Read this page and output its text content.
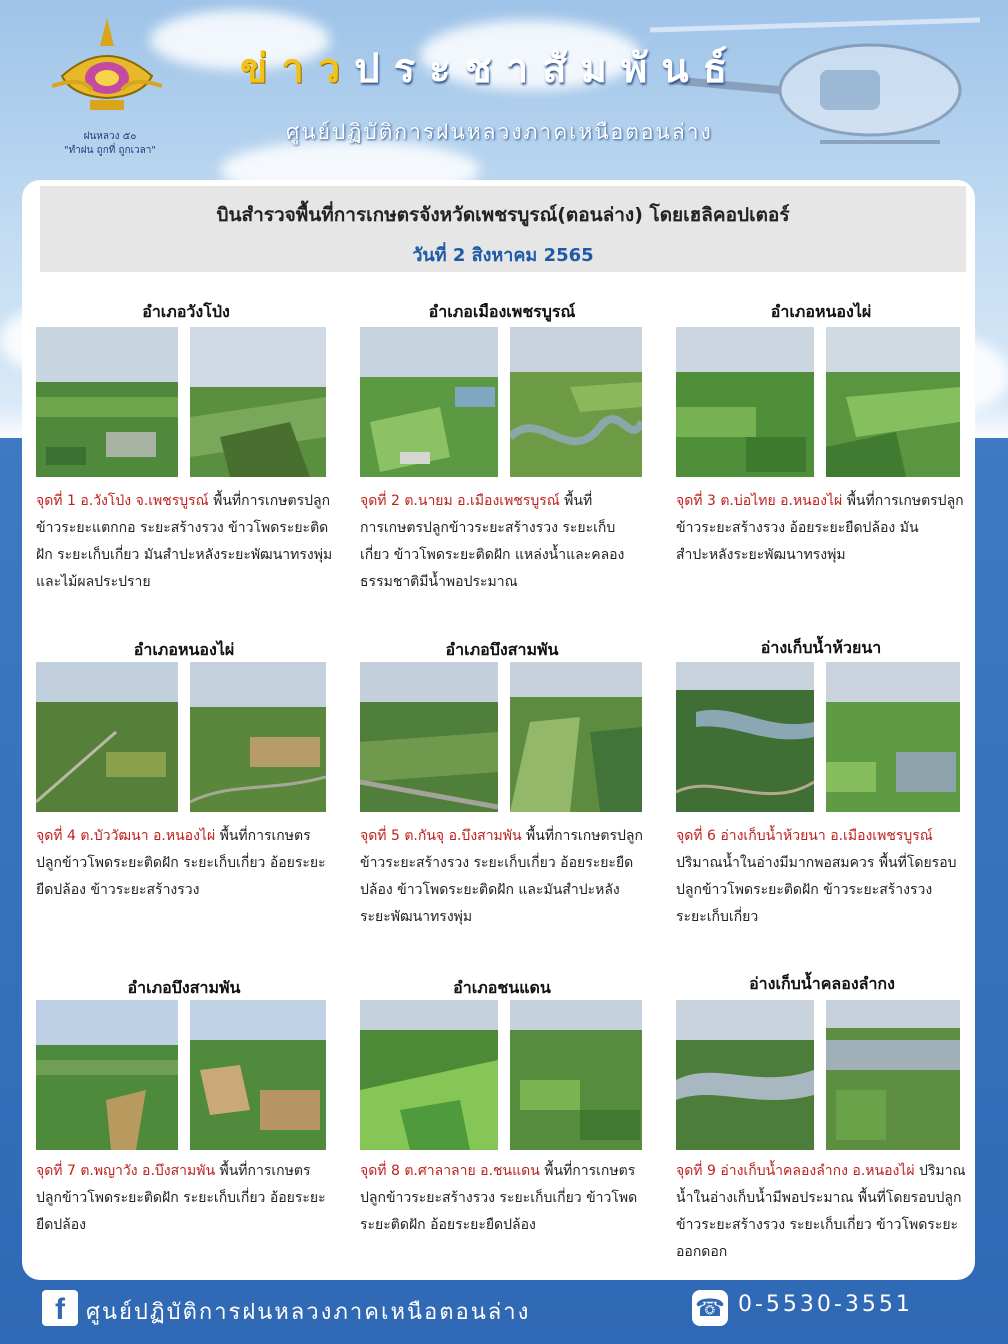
ฝนหลวง ๕๐
"ทำฝน ถูกที่ ถูกเวลา"
ข่าวประชาสัมพันธ์
ศูนย์ปฏิบัติการฝนหลวงภาคเหนือตอนล่าง
บินสำรวจพื้นที่การเกษตรจังหวัดเพชรบูรณ์(ตอนล่าง) โดยเฮลิคอปเตอร์
วันที่ 2 สิงหาคม 2565
อำเภอวังโป่ง
จุดที่ 1 อ.วังโป่ง จ.เพชรบูรณ์ พื้นที่การเกษตรปลูกข้าวระยะแตกกอ ระยะสร้างรวง ข้าวโพดระยะติดฝัก ระยะเก็บเกี่ยว มันสำปะหลังระยะพัฒนาทรงพุ่ม และไม้ผลประปราย
อำเภอเมืองเพชรบูรณ์
จุดที่ 2 ต.นายม อ.เมืองเพชรบูรณ์ พื้นที่การเกษตรปลูกข้าวระยะสร้างรวง ระยะเก็บเกี่ยว ข้าวโพดระยะติดฝัก แหล่งน้ำและคลองธรรมชาติมีน้ำพอประมาณ
อำเภอหนองไผ่
จุดที่ 3 ต.บ่อไทย อ.หนองไผ่ พื้นที่การเกษตรปลูกข้าวระยะสร้างรวง อ้อยระยะยืดปล้อง มันสำปะหลังระยะพัฒนาทรงพุ่ม
อำเภอหนองไผ่
จุดที่ 4 ต.บัววัฒนา อ.หนองไผ่ พื้นที่การเกษตรปลูกข้าวโพดระยะติดฝัก ระยะเก็บเกี่ยว อ้อยระยะยืดปล้อง ข้าวระยะสร้างรวง
อำเภอบึงสามพัน
จุดที่ 5 ต.กันจุ อ.บึงสามพัน พื้นที่การเกษตรปลูกข้าวระยะสร้างรวง ระยะเก็บเกี่ยว อ้อยระยะยืดปล้อง ข้าวโพดระยะติดฝัก และมันสำปะหลังระยะพัฒนาทรงพุ่ม
อ่างเก็บน้ำห้วยนา
จุดที่ 6 อ่างเก็บน้ำห้วยนา อ.เมืองเพชรบูรณ์ ปริมาณน้ำในอ่างมีมากพอสมควร พื้นที่โดยรอบปลูกข้าวโพดระยะติดฝัก ข้าวระยะสร้างรวง ระยะเก็บเกี่ยว
อำเภอบึงสามพัน
จุดที่ 7 ต.พญาวัง อ.บึงสามพัน พื้นที่การเกษตรปลูกข้าวโพดระยะติดฝัก ระยะเก็บเกี่ยว อ้อยระยะยืดปล้อง
อำเภอชนแดน
จุดที่ 8 ต.ศาลาลาย อ.ชนแดน พื้นที่การเกษตรปลูกข้าวระยะสร้างรวง ระยะเก็บเกี่ยว ข้าวโพดระยะติดฝัก อ้อยระยะยืดปล้อง
อ่างเก็บน้ำคลองลำกง
จุดที่ 9 อ่างเก็บน้ำคลองลำกง อ.หนองไผ่ ปริมาณน้ำในอ่างเก็บน้ำมีพอประมาณ พื้นที่โดยรอบปลูกข้าวระยะสร้างรวง ระยะเก็บเกี่ยว ข้าวโพดระยะออกดอก
f ศูนย์ปฏิบัติการฝนหลวงภาคเหนือตอนล่าง	☎ 0-5530-3551
